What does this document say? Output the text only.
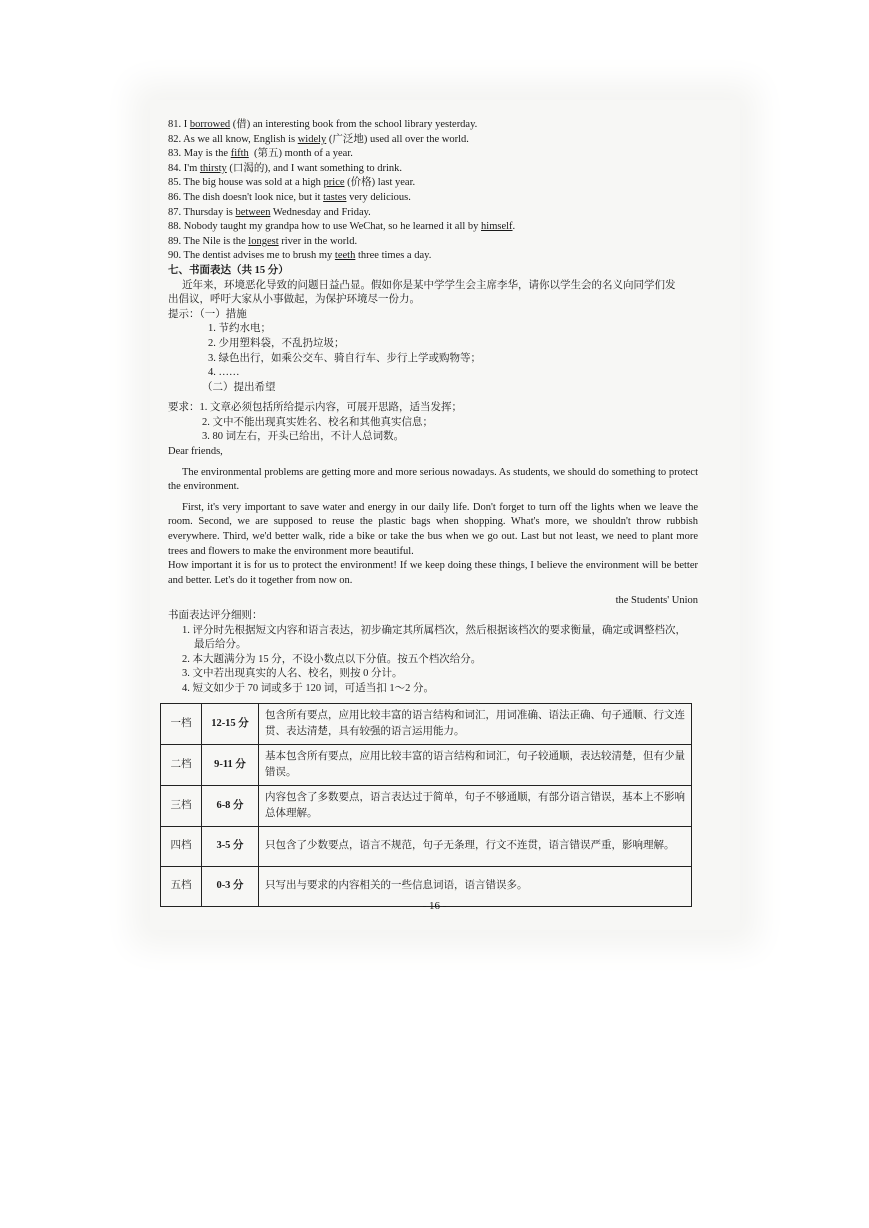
81. I borrowed (借) an interesting book from the school library yesterday.
82. As we all know, English is widely (广泛地) used all over the world.
83. May is the fifth  (第五) month of a year.
84. I'm thirsty (口渴的), and I want something to drink.
85. The big house was sold at a high price (价格) last year.
86. The dish doesn't look nice, but it tastes very delicious.
87. Thursday is between Wednesday and Friday.
88. Nobody taught my grandpa how to use WeChat, so he learned it all by himself.
89. The Nile is the longest river in the world.
90. The dentist advises me to brush my teeth three times a day.
七、书面表达（共 15 分）
近年来，环境恶化导致的问题日益凸显。假如你是某中学学生会主席李华，请你以学生会的名义向同学们发
出倡议，呼吁大家从小事做起，为保护环境尽一份力。
提示：（一）措施
1. 节约水电；
2. 少用塑料袋，不乱扔垃圾；
3. 绿色出行，如乘公交车、骑自行车、步行上学或购物等；
4. ……
（二）提出希望
要求：1. 文章必须包括所给提示内容，可展开思路，适当发挥；
2. 文中不能出现真实姓名、校名和其他真实信息；
3. 80 词左右，开头已给出，不计人总词数。
Dear friends,
The environmental problems are getting more and more serious nowadays. As students, we should do something to protect the environment.
First, it's very important to save water and energy in our daily life. Don't forget to turn off the lights when we leave the room. Second, we are supposed to reuse the plastic bags when shopping. What's more, we shouldn't throw rubbish everywhere. Third, we'd better walk, ride a bike or take the bus when we go out. Last but not least, we need to plant more trees and flowers to make the environment more beautiful.
How important it is for us to protect the environment! If we keep doing these things, I believe the environment will be better and better. Let's do it together from now on.
the Students' Union
书面表达评分细则：
1. 评分时先根据短文内容和语言表达，初步确定其所属档次，然后根据该档次的要求衡量，确定或调整档次，
最后给分。
2. 本大题满分为 15 分，不设小数点以下分值。按五个档次给分。
3. 文中若出现真实的人名、校名，则按 0 分计。
4. 短文如少于 70 词或多于 120 词，可适当扣 1～2 分。
一档	12-15 分	包含所有要点，应用比较丰富的语言结构和词汇，用词准确、语法正确、句子通顺、行文连贯、表达清楚，具有较强的语言运用能力。
二档	9-11 分	基本包含所有要点，应用比较丰富的语言结构和词汇，句子较通顺，表达较清楚，但有少量错误。
三档	6-8 分	内容包含了多数要点，语言表达过于简单，句子不够通顺，有部分语言错误，基本上不影响总体理解。
四档	3-5 分	只包含了少数要点，语言不规范，句子无条理，行文不连贯，语言错误严重，影响理解。
五档	0-3 分	只写出与要求的内容相关的一些信息词语，语言错误多。
- 16 -
